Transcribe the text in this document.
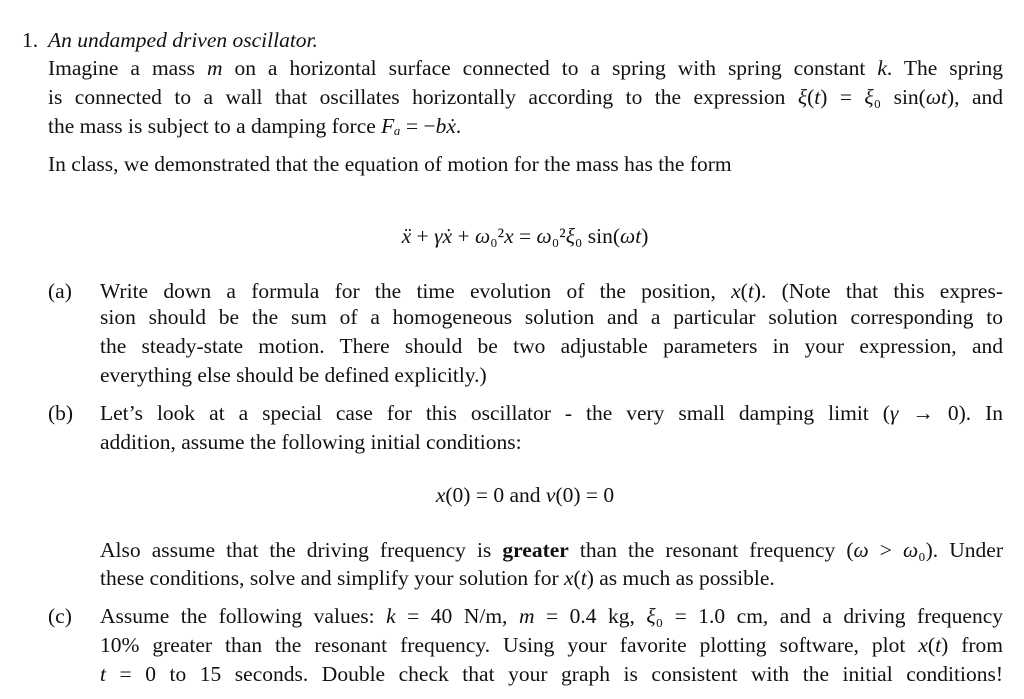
1. An undamped driven oscillator.
Imagine a mass m on a horizontal surface connected to a spring with spring constant k. The spring
is connected to a wall that oscillates horizontally according to the expression ξ(t) = ξ₀ sin(ωt), and
the mass is subject to a damping force Fₐ = −bẋ.
In class, we demonstrated that the equation of motion for the mass has the form
ẍ + γẋ + ω₀²x = ω₀²ξ₀ sin(ωt)
(a) Write down a formula for the time evolution of the position, x(t). (Note that this expres-
sion should be the sum of a homogeneous solution and a particular solution corresponding to
the steady-state motion. There should be two adjustable parameters in your expression, and
everything else should be defined explicitly.)
(b) Let’s look at a special case for this oscillator - the very small damping limit (γ → 0). In
addition, assume the following initial conditions:
x(0) = 0 and v(0) = 0
Also assume that the driving frequency is greater than the resonant frequency (ω > ω₀). Under
these conditions, solve and simplify your solution for x(t) as much as possible.
(c) Assume the following values: k = 40 N/m, m = 0.4 kg, ξ₀ = 1.0 cm, and a driving frequency
10% greater than the resonant frequency. Using your favorite plotting software, plot x(t) from
t = 0 to 15 seconds. Double check that your graph is consistent with the initial conditions!
